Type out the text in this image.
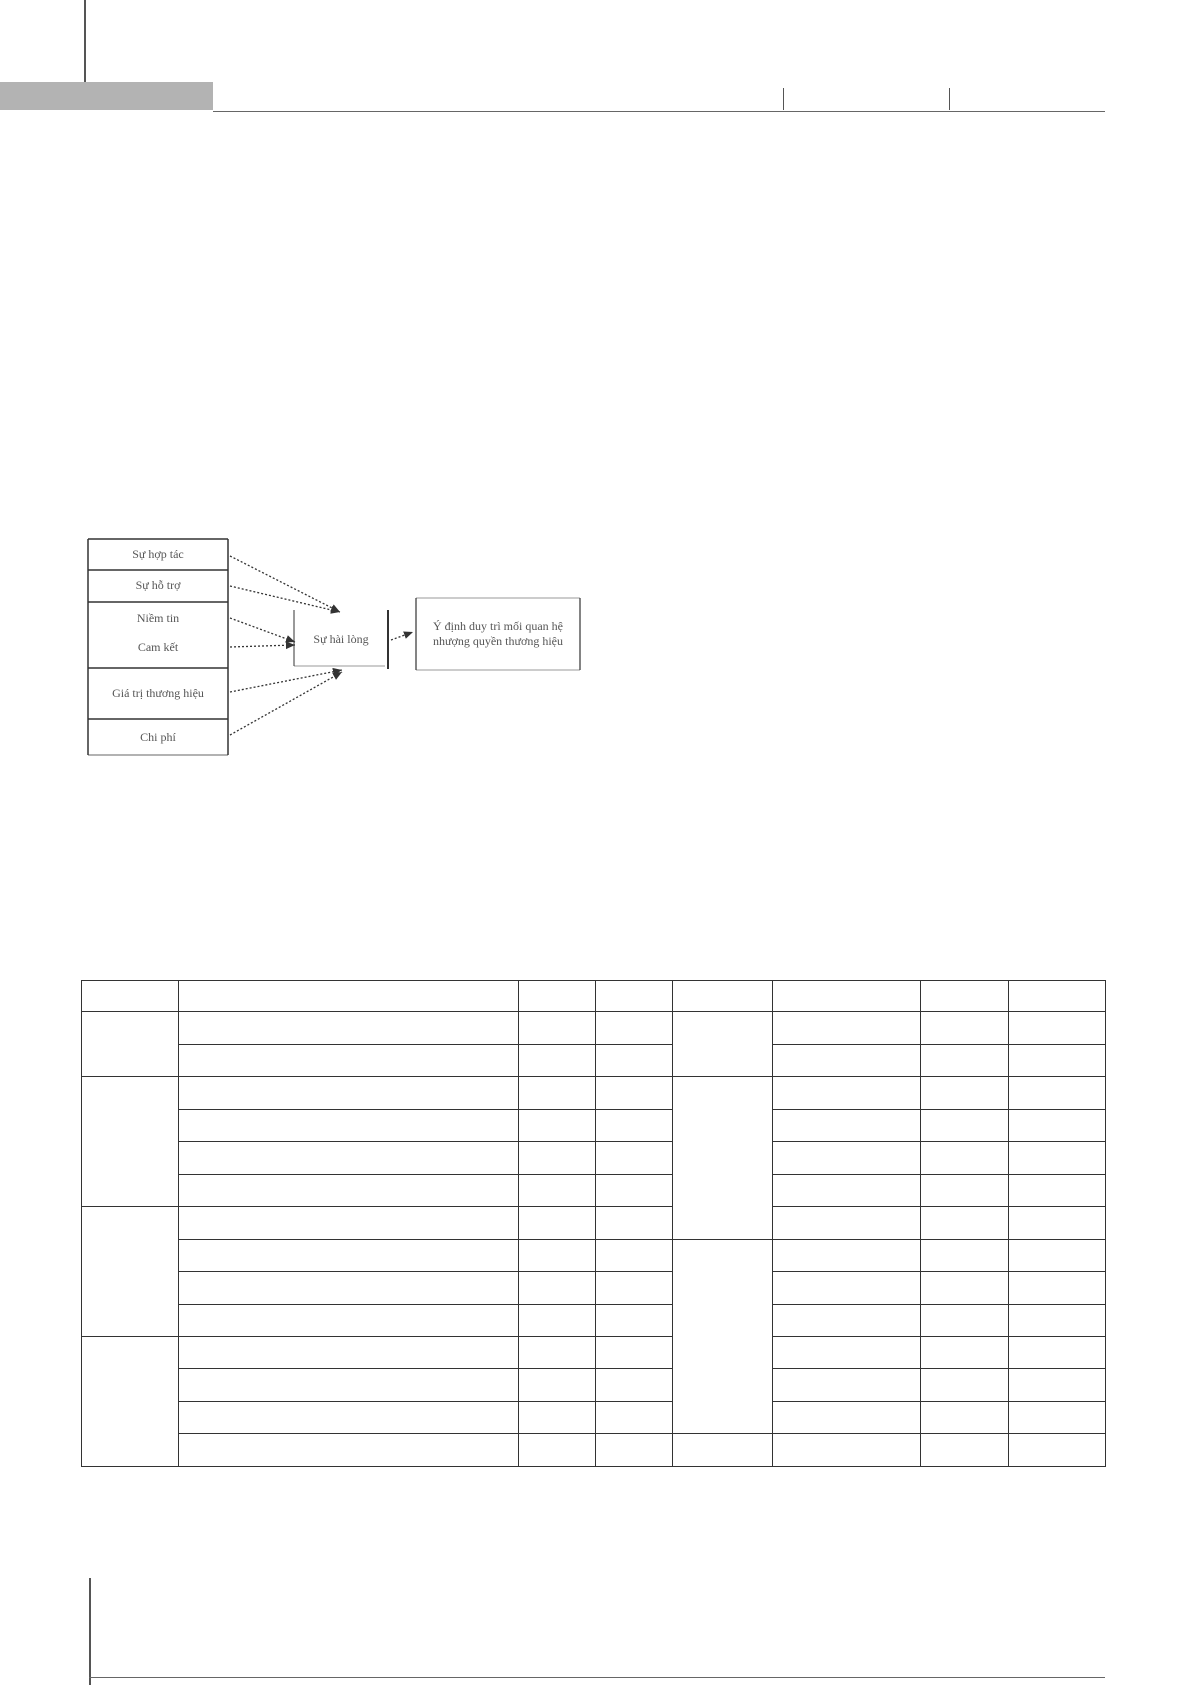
Sự hợp tác
Sự hỗ trợ
Niềm tin
Cam kết
Giá trị thương hiệu
Chi phí
Sự hài lòng
Ý định duy trì mối quan hệ nhượng quyền thương hiệu
